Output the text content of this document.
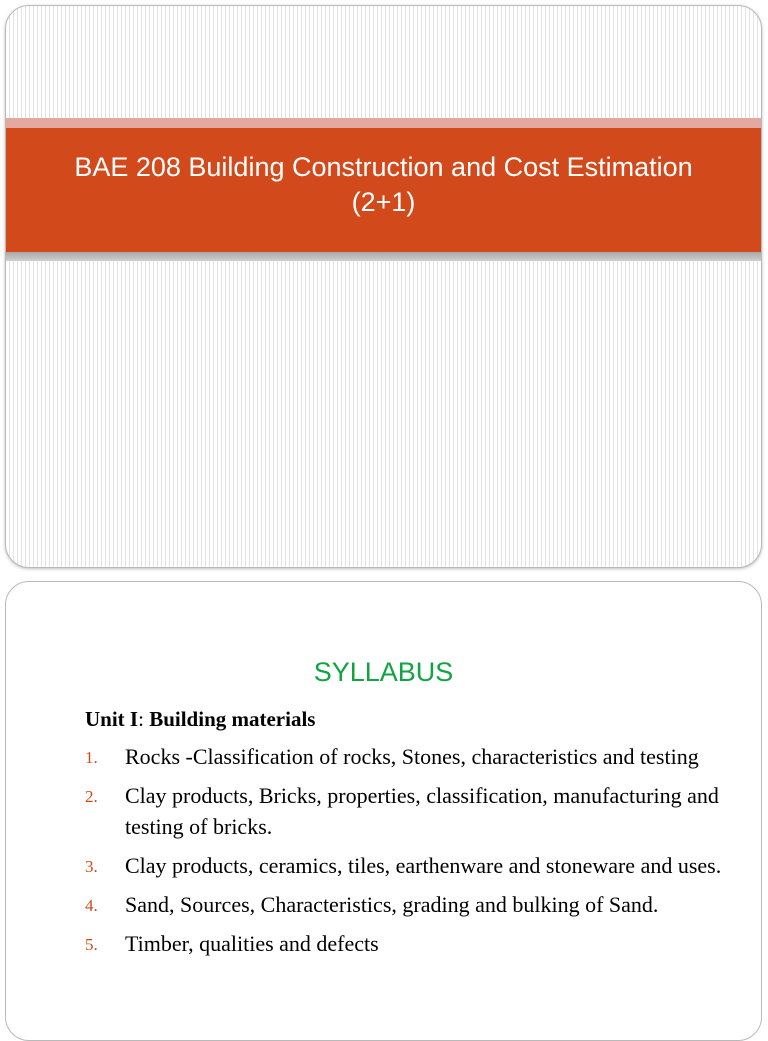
BAE 208 Building Construction and Cost Estimation (2+1)
SYLLABUS
Unit I: Building materials
1. Rocks -Classification of rocks, Stones, characteristics and testing
2. Clay products, Bricks, properties, classification, manufacturing and testing of bricks.
3. Clay products, ceramics, tiles, earthenware and stoneware and uses.
4. Sand, Sources, Characteristics, grading and bulking of Sand.
5. Timber, qualities and defects
